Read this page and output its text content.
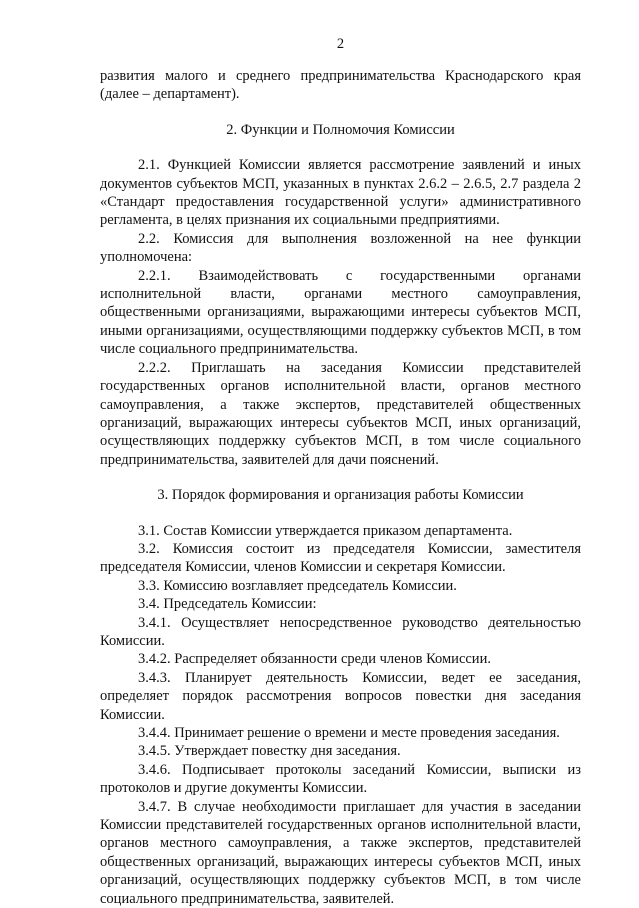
2

развития малого и среднего предпринимательства Краснодарского края (далее – департамент).

2. Функции и Полномочия Комиссии

2.1. Функцией Комиссии является рассмотрение заявлений и иных документов субъектов МСП, указанных в пунктах 2.6.2 – 2.6.5, 2.7 раздела 2 «Стандарт предоставления государственной услуги» административного регламента, в целях признания их социальными предприятиями.

2.2. Комиссия для выполнения возложенной на нее функции уполномочена:

2.2.1. Взаимодействовать с государственными органами исполнительной власти, органами местного самоуправления, общественными организациями, выражающими интересы субъектов МСП, иными организациями, осуществляющими поддержку субъектов МСП, в том числе социального предпринимательства.

2.2.2. Приглашать на заседания Комиссии представителей государственных органов исполнительной власти, органов местного самоуправления, а также экспертов, представителей общественных организаций, выражающих интересы субъектов МСП, иных организаций, осуществляющих поддержку субъектов МСП, в том числе социального предпринимательства, заявителей для дачи пояснений.

3. Порядок формирования и организация работы Комиссии

3.1. Состав Комиссии утверждается приказом департамента.

3.2. Комиссия состоит из председателя Комиссии, заместителя председателя Комиссии, членов Комиссии и секретаря Комиссии.

3.3. Комиссию возглавляет председатель Комиссии.

3.4. Председатель Комиссии:

3.4.1. Осуществляет непосредственное руководство деятельностью Комиссии.

3.4.2. Распределяет обязанности среди членов Комиссии.

3.4.3. Планирует деятельность Комиссии, ведет ее заседания, определяет порядок рассмотрения вопросов повестки дня заседания Комиссии.

3.4.4. Принимает решение о времени и месте проведения заседания.

3.4.5. Утверждает повестку дня заседания.

3.4.6. Подписывает протоколы заседаний Комиссии, выписки из протоколов и другие документы Комиссии.

3.4.7. В случае необходимости приглашает для участия в заседании Комиссии представителей государственных органов исполнительной власти, органов местного самоуправления, а также экспертов, представителей общественных организаций, выражающих интересы субъектов МСП, иных организаций, осуществляющих поддержку субъектов МСП, в том числе социального предпринимательства, заявителей.
